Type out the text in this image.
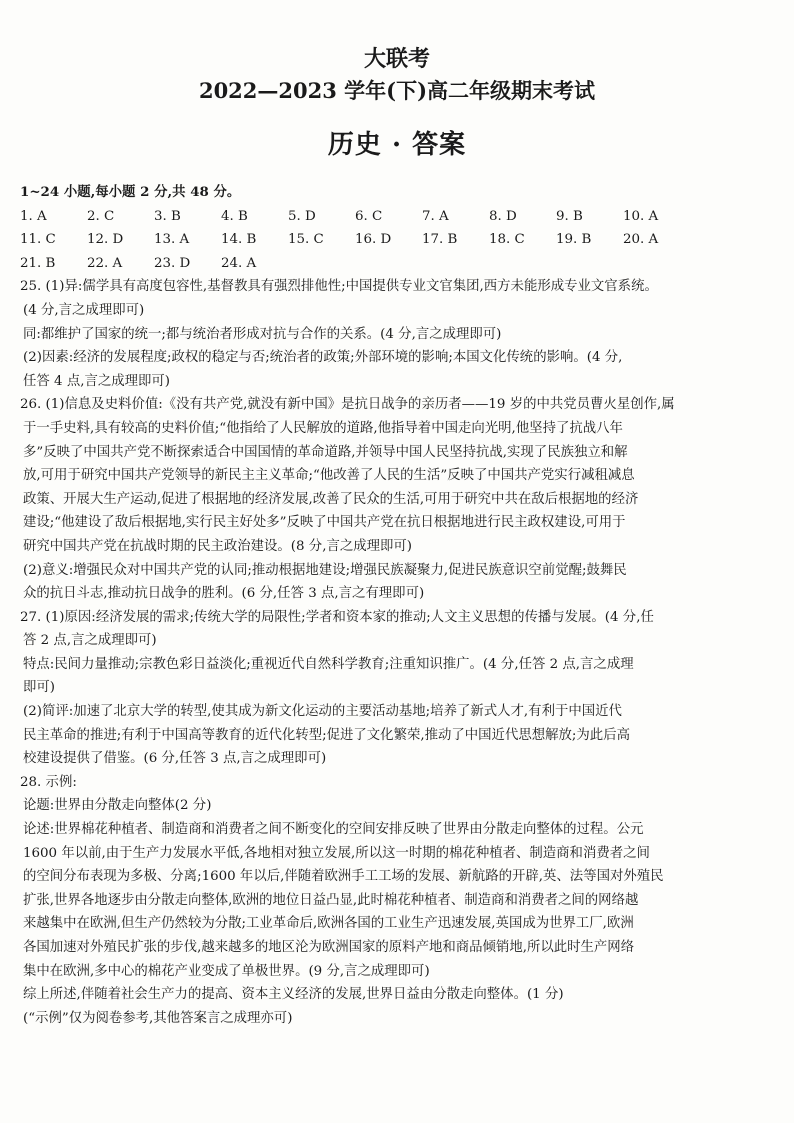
大联考
2022—2023 学年(下)高二年级期末考试
历史 · 答案

1~24 小题,每小题 2 分,共 48 分。

1. A	2. C	3. B	4. B	5. D	6. C	7. A	8. D	9. B	10. A
11. C	12. D	13. A	14. B	15. C	16. D	17. B	18. C	19. B	20. A
21. B	22. A	23. D	24. A

25. (1)异:儒学具有高度包容性,基督教具有强烈排他性;中国提供专业文官集团,西方未能形成专业文官系统。

(4 分,言之成理即可)

同:都维护了国家的统一;都与统治者形成对抗与合作的关系。(4 分,言之成理即可)

(2)因素:经济的发展程度;政权的稳定与否;统治者的政策;外部环境的影响;本国文化传统的影响。(4 分,

任答 4 点,言之成理即可)

26. (1)信息及史料价值:《没有共产党,就没有新中国》是抗日战争的亲历者——19 岁的中共党员曹火星创作,属

于一手史料,具有较高的史料价值;“他指给了人民解放的道路,他指导着中国走向光明,他坚持了抗战八年

多”反映了中国共产党不断探索适合中国国情的革命道路,并领导中国人民坚持抗战,实现了民族独立和解

放,可用于研究中国共产党领导的新民主主义革命;“他改善了人民的生活”反映了中国共产党实行减租减息

政策、开展大生产运动,促进了根据地的经济发展,改善了民众的生活,可用于研究中共在敌后根据地的经济

建设;“他建设了敌后根据地,实行民主好处多”反映了中国共产党在抗日根据地进行民主政权建设,可用于

研究中国共产党在抗战时期的民主政治建设。(8 分,言之成理即可)

(2)意义:增强民众对中国共产党的认同;推动根据地建设;增强民族凝聚力,促进民族意识空前觉醒;鼓舞民

众的抗日斗志,推动抗日战争的胜利。(6 分,任答 3 点,言之有理即可)

27. (1)原因:经济发展的需求;传统大学的局限性;学者和资本家的推动;人文主义思想的传播与发展。(4 分,任

答 2 点,言之成理即可)

特点:民间力量推动;宗教色彩日益淡化;重视近代自然科学教育;注重知识推广。(4 分,任答 2 点,言之成理

即可)

(2)简评:加速了北京大学的转型,使其成为新文化运动的主要活动基地;培养了新式人才,有利于中国近代

民主革命的推进;有利于中国高等教育的近代化转型;促进了文化繁荣,推动了中国近代思想解放;为此后高

校建设提供了借鉴。(6 分,任答 3 点,言之成理即可)

28. 示例:

论题:世界由分散走向整体(2 分)

论述:世界棉花种植者、制造商和消费者之间不断变化的空间安排反映了世界由分散走向整体的过程。公元

1600 年以前,由于生产力发展水平低,各地相对独立发展,所以这一时期的棉花种植者、制造商和消费者之间

的空间分布表现为多极、分离;1600 年以后,伴随着欧洲手工工场的发展、新航路的开辟,英、法等国对外殖民

扩张,世界各地逐步由分散走向整体,欧洲的地位日益凸显,此时棉花种植者、制造商和消费者之间的网络越

来越集中在欧洲,但生产仍然较为分散;工业革命后,欧洲各国的工业生产迅速发展,英国成为世界工厂,欧洲

各国加速对外殖民扩张的步伐,越来越多的地区沦为欧洲国家的原料产地和商品倾销地,所以此时生产网络

集中在欧洲,多中心的棉花产业变成了单极世界。(9 分,言之成理即可)

综上所述,伴随着社会生产力的提高、资本主义经济的发展,世界日益由分散走向整体。(1 分)

(“示例”仅为阅卷参考,其他答案言之成理亦可)
